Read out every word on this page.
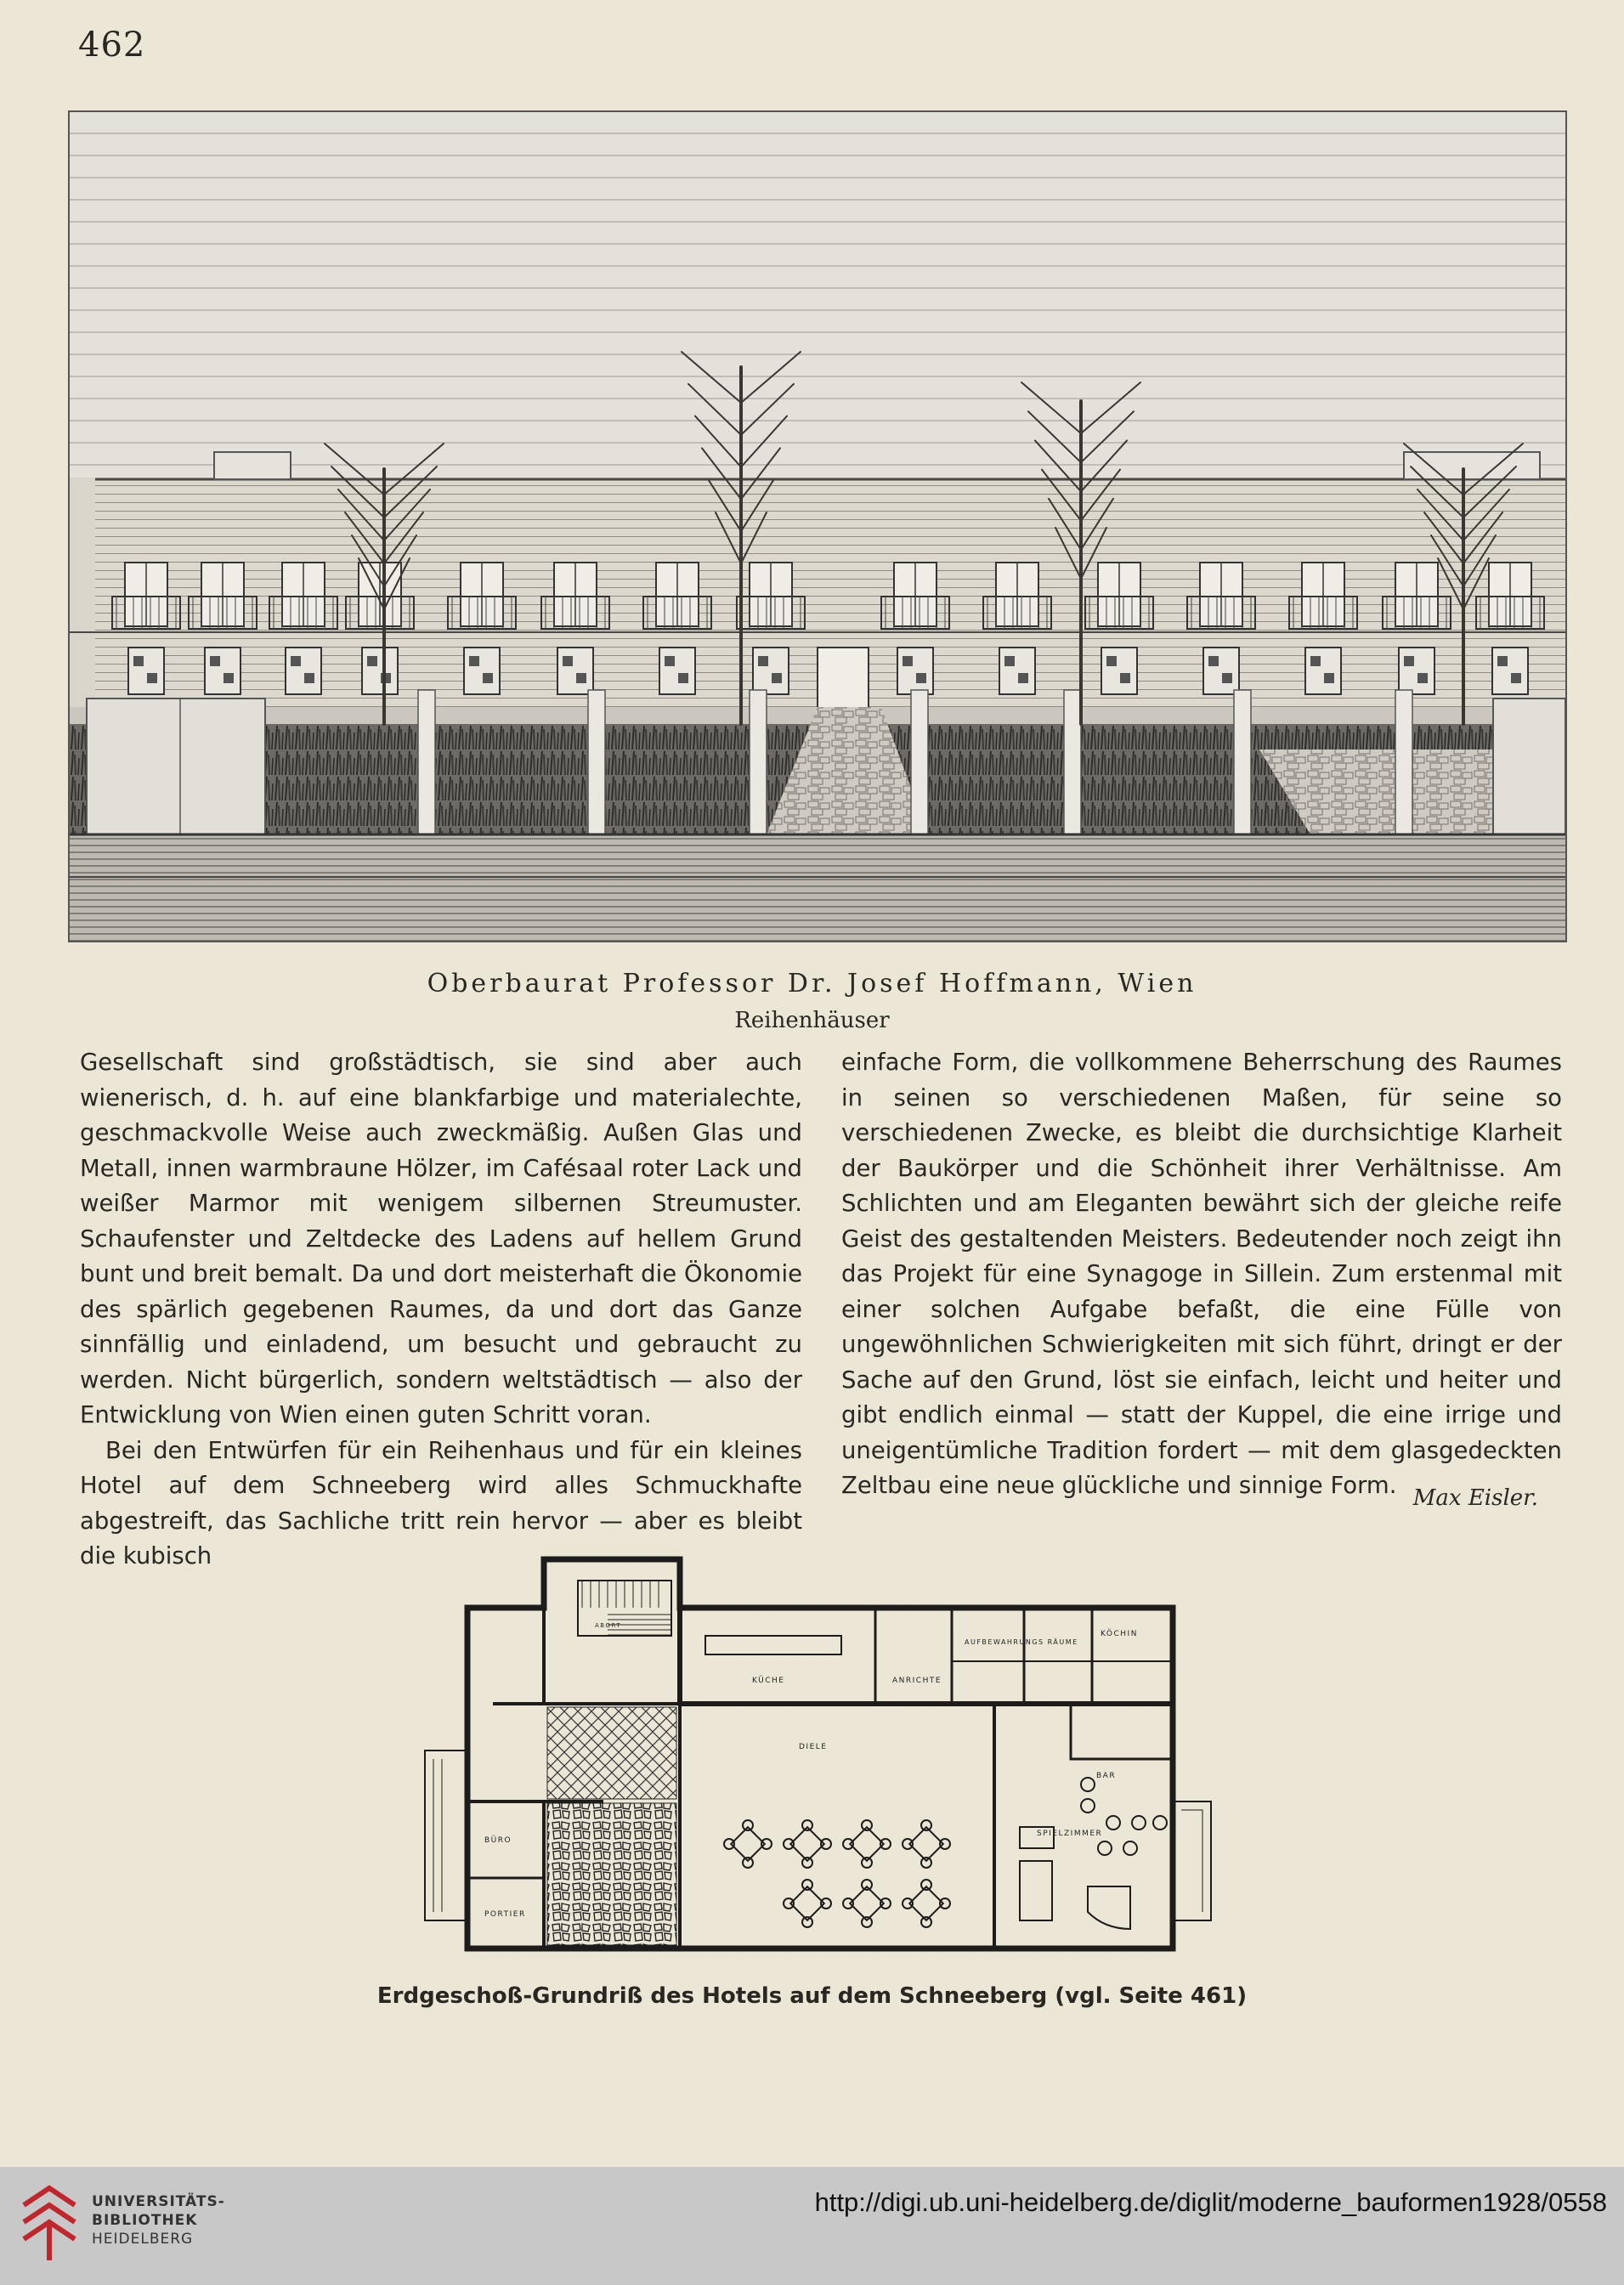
462
Oberbaurat Professor Dr. Josef Hoffmann, Wien
Reihenhäuser

Gesellschaft sind großstädtisch, sie sind aber auch wienerisch, d. h. auf eine blankfarbige und materialechte, geschmackvolle Weise auch zweckmäßig. Außen Glas und Metall, innen warmbraune Hölzer, im Cafésaal roter Lack und weißer Marmor mit wenigem silbernen Streumuster. Schaufenster und Zeltdecke des Ladens auf hellem Grund bunt und breit bemalt. Da und dort meisterhaft die Ökonomie des spärlich gegebenen Raumes, da und dort das Ganze sinnfällig und einladend, um besucht und gebraucht zu werden. Nicht bürgerlich, sondern weltstädtisch — also der Entwicklung von Wien einen guten Schritt voran.

Bei den Entwürfen für ein Reihenhaus und für ein kleines Hotel auf dem Schneeberg wird alles Schmuckhafte abgestreift, das Sachliche tritt rein hervor — aber es bleibt die kubisch

einfache Form, die vollkommene Beherrschung des Raumes in seinen so verschiedenen Maßen, für seine so verschiedenen Zwecke, es bleibt die durchsichtige Klarheit der Baukörper und die Schönheit ihrer Verhältnisse. Am Schlichten und am Eleganten bewährt sich der gleiche reife Geist des gestaltenden Meisters. Bedeutender noch zeigt ihn das Projekt für eine Synagoge in Sillein. Zum erstenmal mit einer solchen Aufgabe befaßt, die eine Fülle von ungewöhnlichen Schwierigkeiten mit sich führt, dringt er der Sache auf den Grund, löst sie einfach, leicht und heiter und gibt endlich einmal — statt der Kuppel, die eine irrige und uneigentümliche Tradition fordert — mit dem glasgedeckten Zeltbau eine neue glückliche und sinnige Form. Max Eisler.
KÜCHE	ANRICHTE
AUFBEWAHRUNGS RÄUME
KÖCHIN
DIELE
BAR
SPIELZIMMER
BÜRO
PORTIER
ABORT
Erdgeschoß-Grundriß des Hotels auf dem Schneeberg (vgl. Seite 461)
UNIVERSITÄTS-
BIBLIOTHEK
HEIDELBERG
http://digi.ub.uni-heidelberg.de/diglit/moderne_bauformen1928/0558
